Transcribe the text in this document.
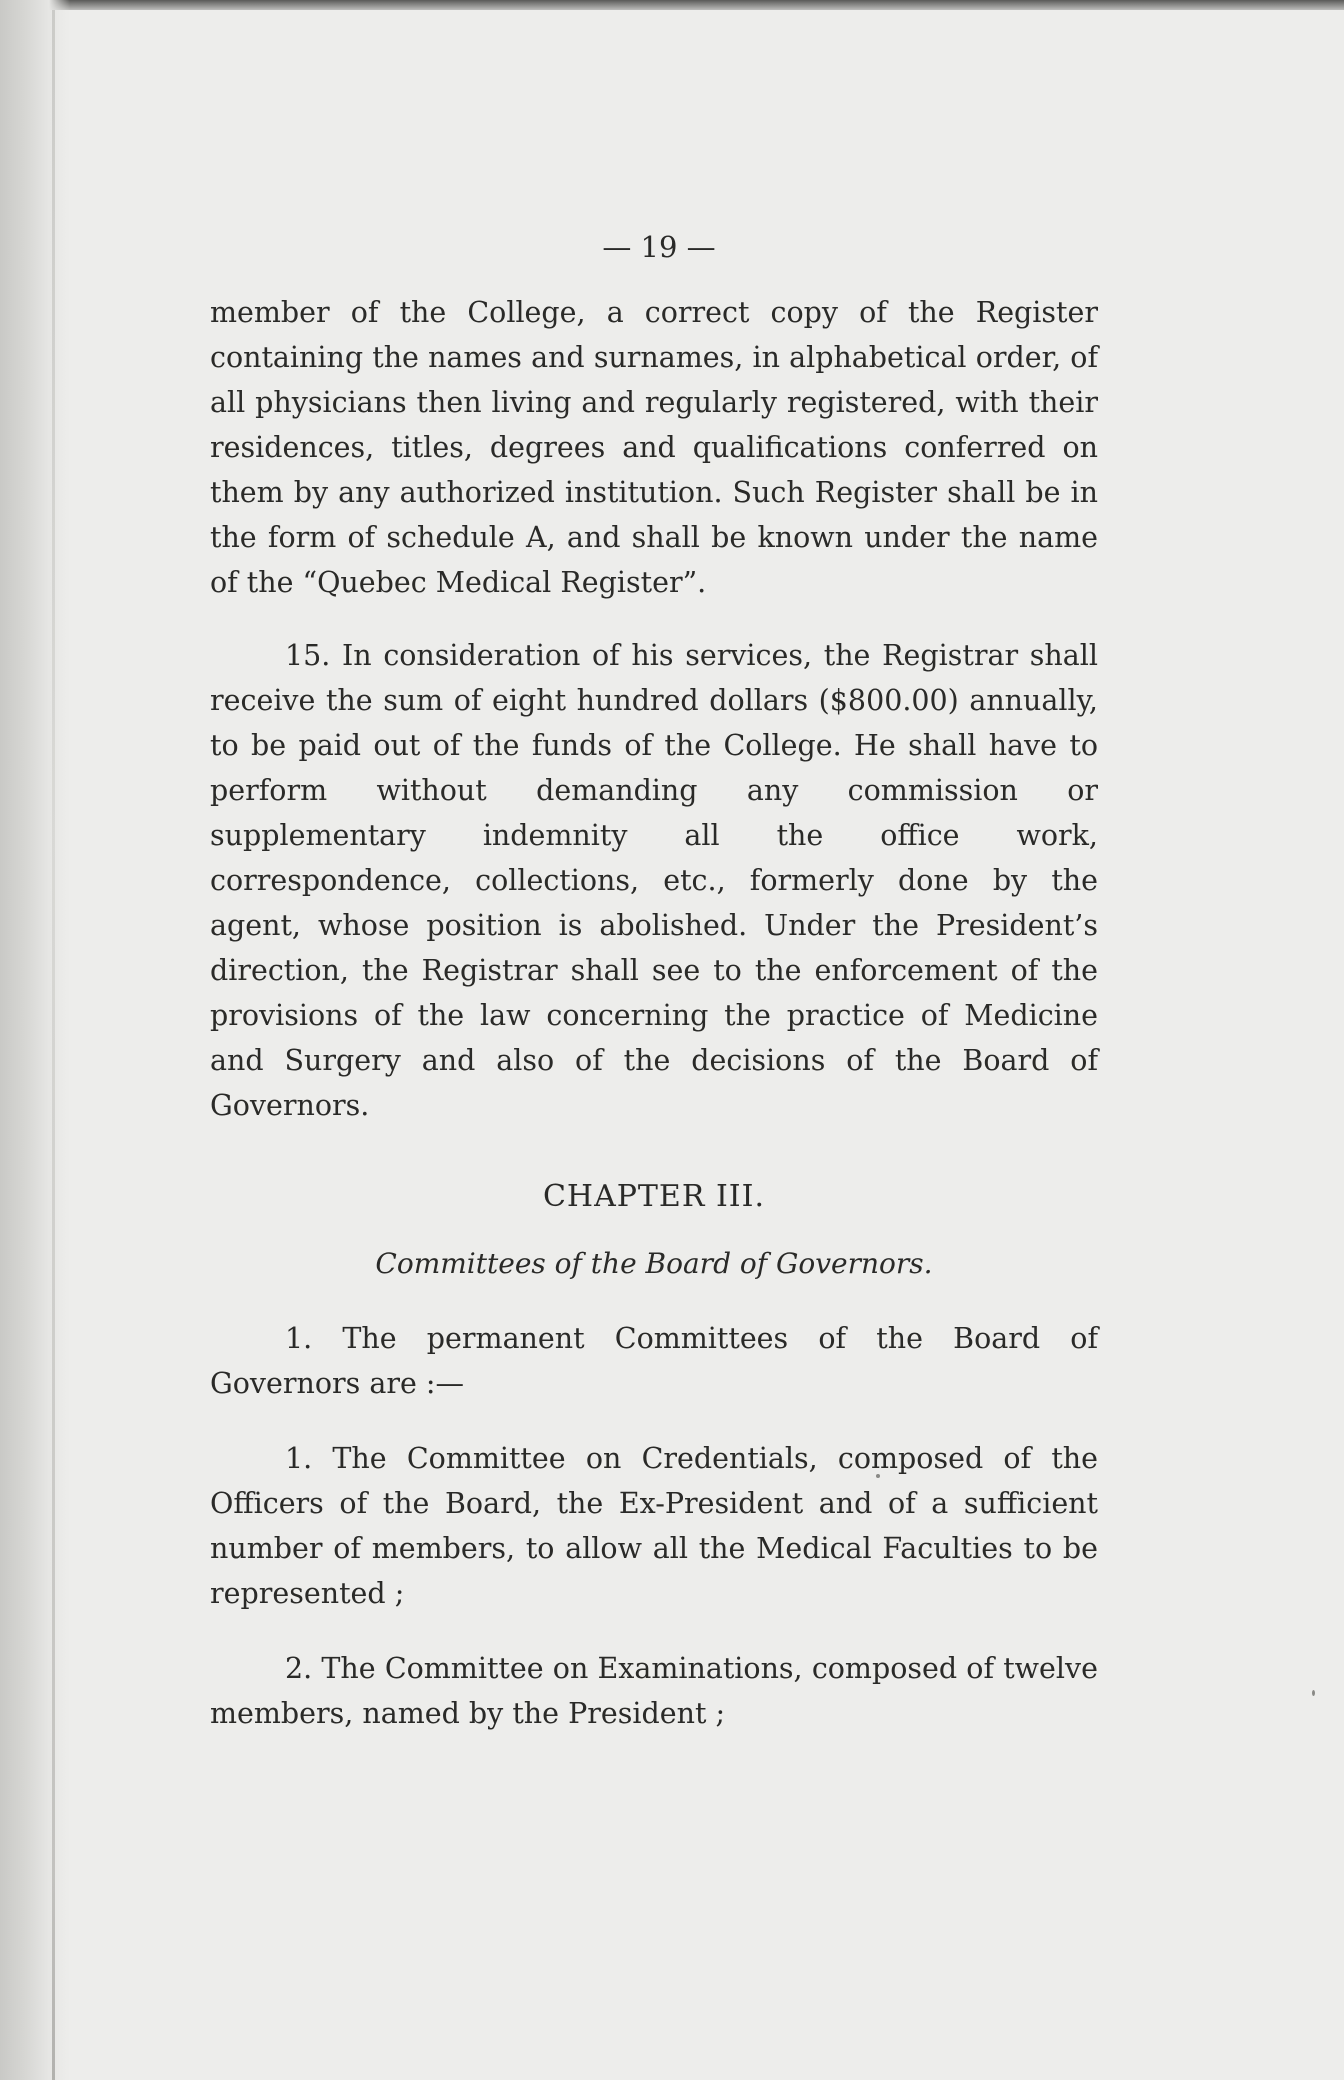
— 19 —

member of the College, a correct copy of the Register containing the names and surnames, in alphabetical order, of all physicians then living and regularly registered, with their residences, titles, degrees and qualifications conferred on them by any authorized institution. Such Register shall be in the form of schedule A, and shall be known under the name of the “Quebec Medical Register”.

15. In consideration of his services, the Registrar shall receive the sum of eight hundred dollars ($800.00) annually, to be paid out of the funds of the College. He shall have to perform without demanding any commission or supplementary indemnity all the office work, correspondence, collections, etc., formerly done by the agent, whose position is abolished. Under the President’s direction, the Registrar shall see to the enforcement of the provisions of the law concerning the practice of Medicine and Surgery and also of the decisions of the Board of Governors.

CHAPTER III.
Committees of the Board of Governors.

1. The permanent Committees of the Board of Governors are :—

1. The Committee on Credentials, composed of the Officers of the Board, the Ex-President and of a sufficient number of members, to allow all the Medical Faculties to be represented ;

2. The Committee on Examinations, composed of twelve members, named by the President ;
